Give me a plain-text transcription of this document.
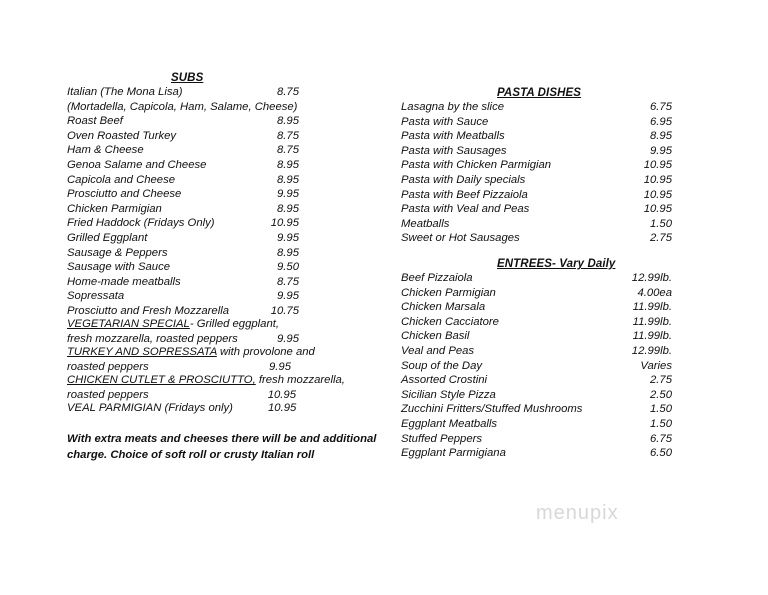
SUBS
Italian (The Mona Lisa)	8.75
(Mortadella, Capicola, Ham, Salame, Cheese)
Roast Beef	8.95
Oven Roasted Turkey	8.75
Ham & Cheese	8.75
Genoa Salame and Cheese	8.95
Capicola and Cheese	8.95
Prosciutto and Cheese	9.95
Chicken Parmigian	8.95
Fried Haddock (Fridays Only)	10.95
Grilled Eggplant	9.95
Sausage & Peppers	8.95
Sausage with Sauce	9.50
Home-made meatballs	8.75
Sopressata	9.95
Prosciutto and Fresh Mozzarella	10.75
VEGETARIAN SPECIAL- Grilled eggplant,
fresh mozzarella, roasted peppers	9.95
TURKEY AND SOPRESSATA with provolone and
roasted peppers	9.95
CHICKEN CUTLET & PROSCIUTTO, fresh mozzarella,
roasted peppers	10.95
VEAL PARMIGIAN (Fridays only)	10.95
With extra meats and cheeses there will be and additional
charge. Choice of soft roll or crusty Italian roll
PASTA DISHES
Lasagna by the slice	6.75
Pasta with Sauce	6.95
Pasta with Meatballs	8.95
Pasta with Sausages	9.95
Pasta with Chicken Parmigian	10.95
Pasta with Daily specials	10.95
Pasta with Beef Pizzaiola	10.95
Pasta with Veal and Peas	10.95
Meatballs	1.50
Sweet or Hot Sausages	2.75
ENTREES- Vary Daily
Beef Pizzaiola	12.99lb.
Chicken Parmigian	4.00ea
Chicken Marsala	11.99lb.
Chicken Cacciatore	11.99lb.
Chicken Basil	11.99lb.
Veal and Peas	12.99lb.
Soup of the Day	Varies
Assorted Crostini	2.75
Sicilian Style Pizza	2.50
Zucchini Fritters/Stuffed Mushrooms	1.50
Eggplant Meatballs	1.50
Stuffed Peppers	6.75
Eggplant Parmigiana	6.50
menupix
